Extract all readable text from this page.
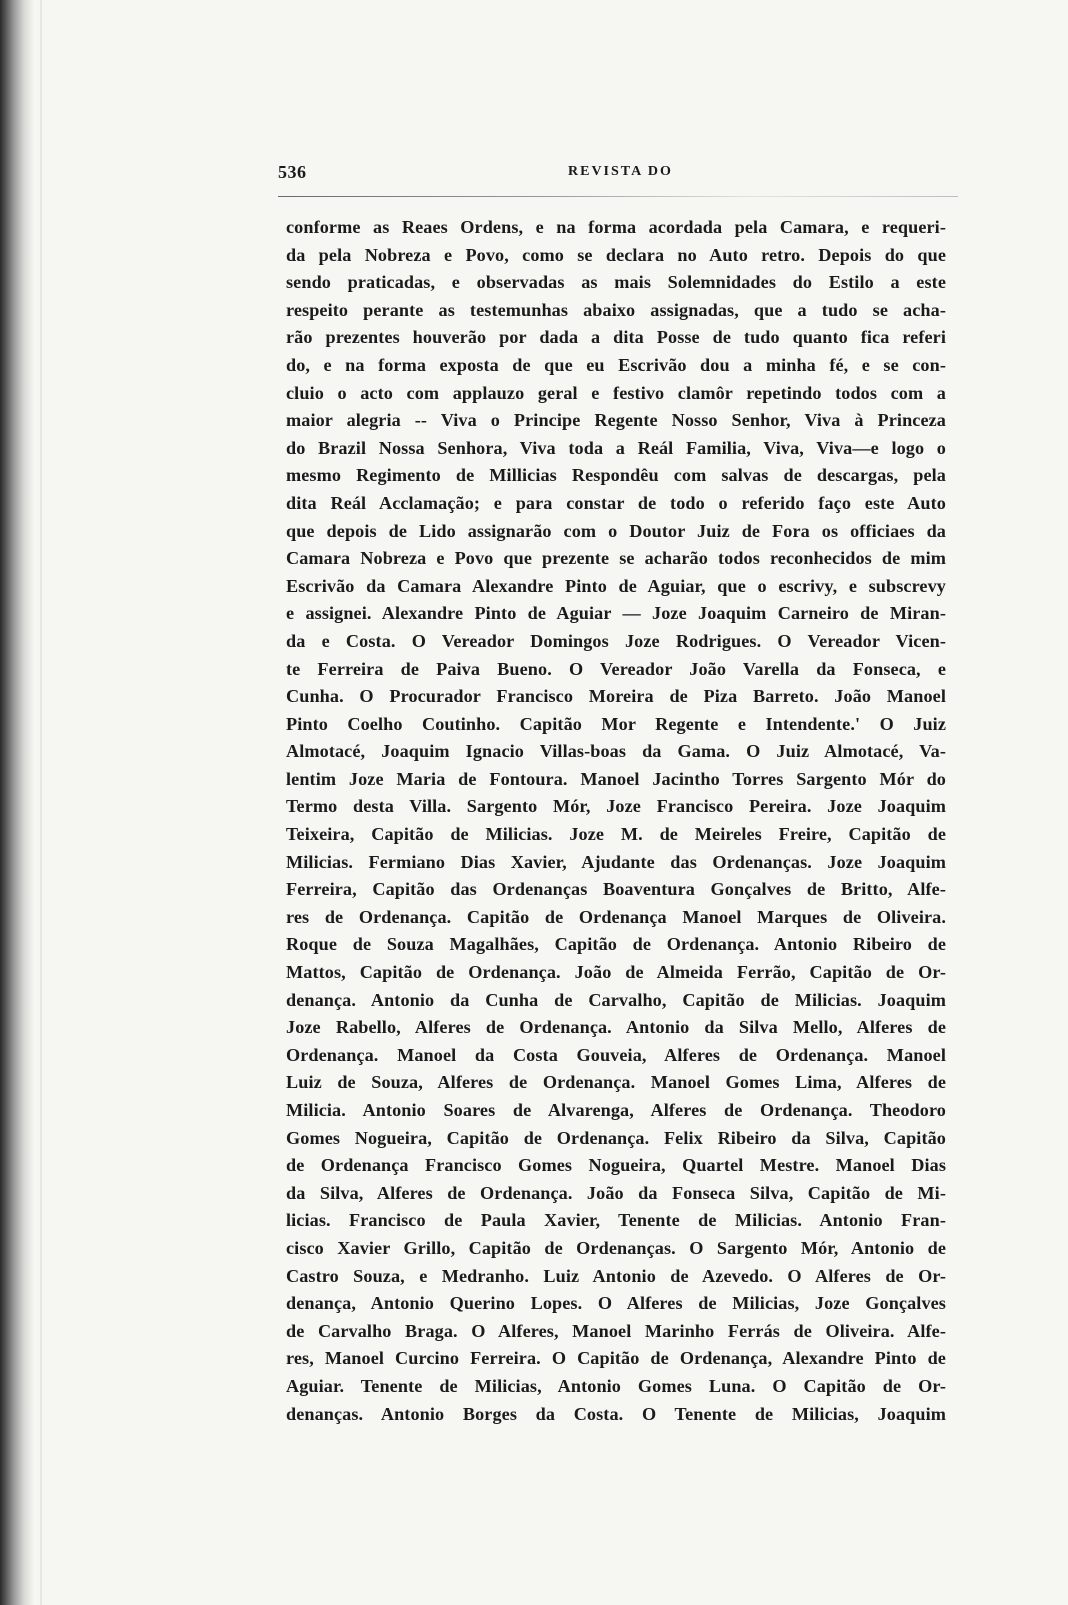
536	REVISTA DO
conforme as Reaes Ordens, e na forma acordada pela Camara, e requeri-
da pela Nobreza e Povo, como se declara no Auto retro. Depois do que
sendo praticadas, e observadas as mais Solemnidades do Estilo a este
respeito perante as testemunhas abaixo assignadas, que a tudo se acha-
rão prezentes houverão por dada a dita Posse de tudo quanto fica referi
do, e na forma exposta de que eu Escrivão dou a minha fé, e se con-
cluio o acto com applauzo geral e festivo clamôr repetindo todos com a
maior alegria -- Viva o Principe Regente Nosso Senhor, Viva à Princeza
do Brazil Nossa Senhora, Viva toda a Reál Familia, Viva, Viva—e logo o
mesmo Regimento de Millicias Respondêu com salvas de descargas, pela
dita Reál Acclamação; e para constar de todo o referido faço este Auto
que depois de Lido assignarão com o Doutor Juiz de Fora os officiaes da
Camara Nobreza e Povo que prezente se acharão todos reconhecidos de mim
Escrivão da Camara Alexandre Pinto de Aguiar, que o escrivy, e subscrevy
e assignei. Alexandre Pinto de Aguiar — Joze Joaquim Carneiro de Miran-
da e Costa. O Vereador Domingos Joze Rodrigues. O Vereador Vicen-
te Ferreira de Paiva Bueno. O Vereador João Varella da Fonseca, e
Cunha. O Procurador Francisco Moreira de Piza Barreto. João Manoel
Pinto Coelho Coutinho. Capitão Mor Regente e Intendente.' O Juiz
Almotacé, Joaquim Ignacio Villas-boas da Gama. O Juiz Almotacé, Va-
lentim Joze Maria de Fontoura. Manoel Jacintho Torres Sargento Mór do
Termo desta Villa. Sargento Mór, Joze Francisco Pereira. Joze Joaquim
Teixeira, Capitão de Milicias. Joze M. de Meireles Freire, Capitão de
Milicias. Fermiano Dias Xavier, Ajudante das Ordenanças. Joze Joaquim
Ferreira, Capitão das Ordenanças Boaventura Gonçalves de Britto, Alfe-
res de Ordenança. Capitão de Ordenança Manoel Marques de Oliveira.
Roque de Souza Magalhães, Capitão de Ordenança. Antonio Ribeiro de
Mattos, Capitão de Ordenança. João de Almeida Ferrão, Capitão de Or-
denança. Antonio da Cunha de Carvalho, Capitão de Milicias. Joaquim
Joze Rabello, Alferes de Ordenança. Antonio da Silva Mello, Alferes de
Ordenança. Manoel da Costa Gouveia, Alferes de Ordenança. Manoel
Luiz de Souza, Alferes de Ordenança. Manoel Gomes Lima, Alferes de
Milicia. Antonio Soares de Alvarenga, Alferes de Ordenança. Theodoro
Gomes Nogueira, Capitão de Ordenança. Felix Ribeiro da Silva, Capitão
de Ordenança Francisco Gomes Nogueira, Quartel Mestre. Manoel Dias
da Silva, Alferes de Ordenança. João da Fonseca Silva, Capitão de Mi-
licias. Francisco de Paula Xavier, Tenente de Milicias. Antonio Fran-
cisco Xavier Grillo, Capitão de Ordenanças. O Sargento Mór, Antonio de
Castro Souza, e Medranho. Luiz Antonio de Azevedo. O Alferes de Or-
denança, Antonio Querino Lopes. O Alferes de Milicias, Joze Gonçalves
de Carvalho Braga. O Alferes, Manoel Marinho Ferrás de Oliveira. Alfe-
res, Manoel Curcino Ferreira. O Capitão de Ordenança, Alexandre Pinto de
Aguiar. Tenente de Milicias, Antonio Gomes Luna. O Capitão de Or-
denanças. Antonio Borges da Costa. O Tenente de Milicias, Joaquim
